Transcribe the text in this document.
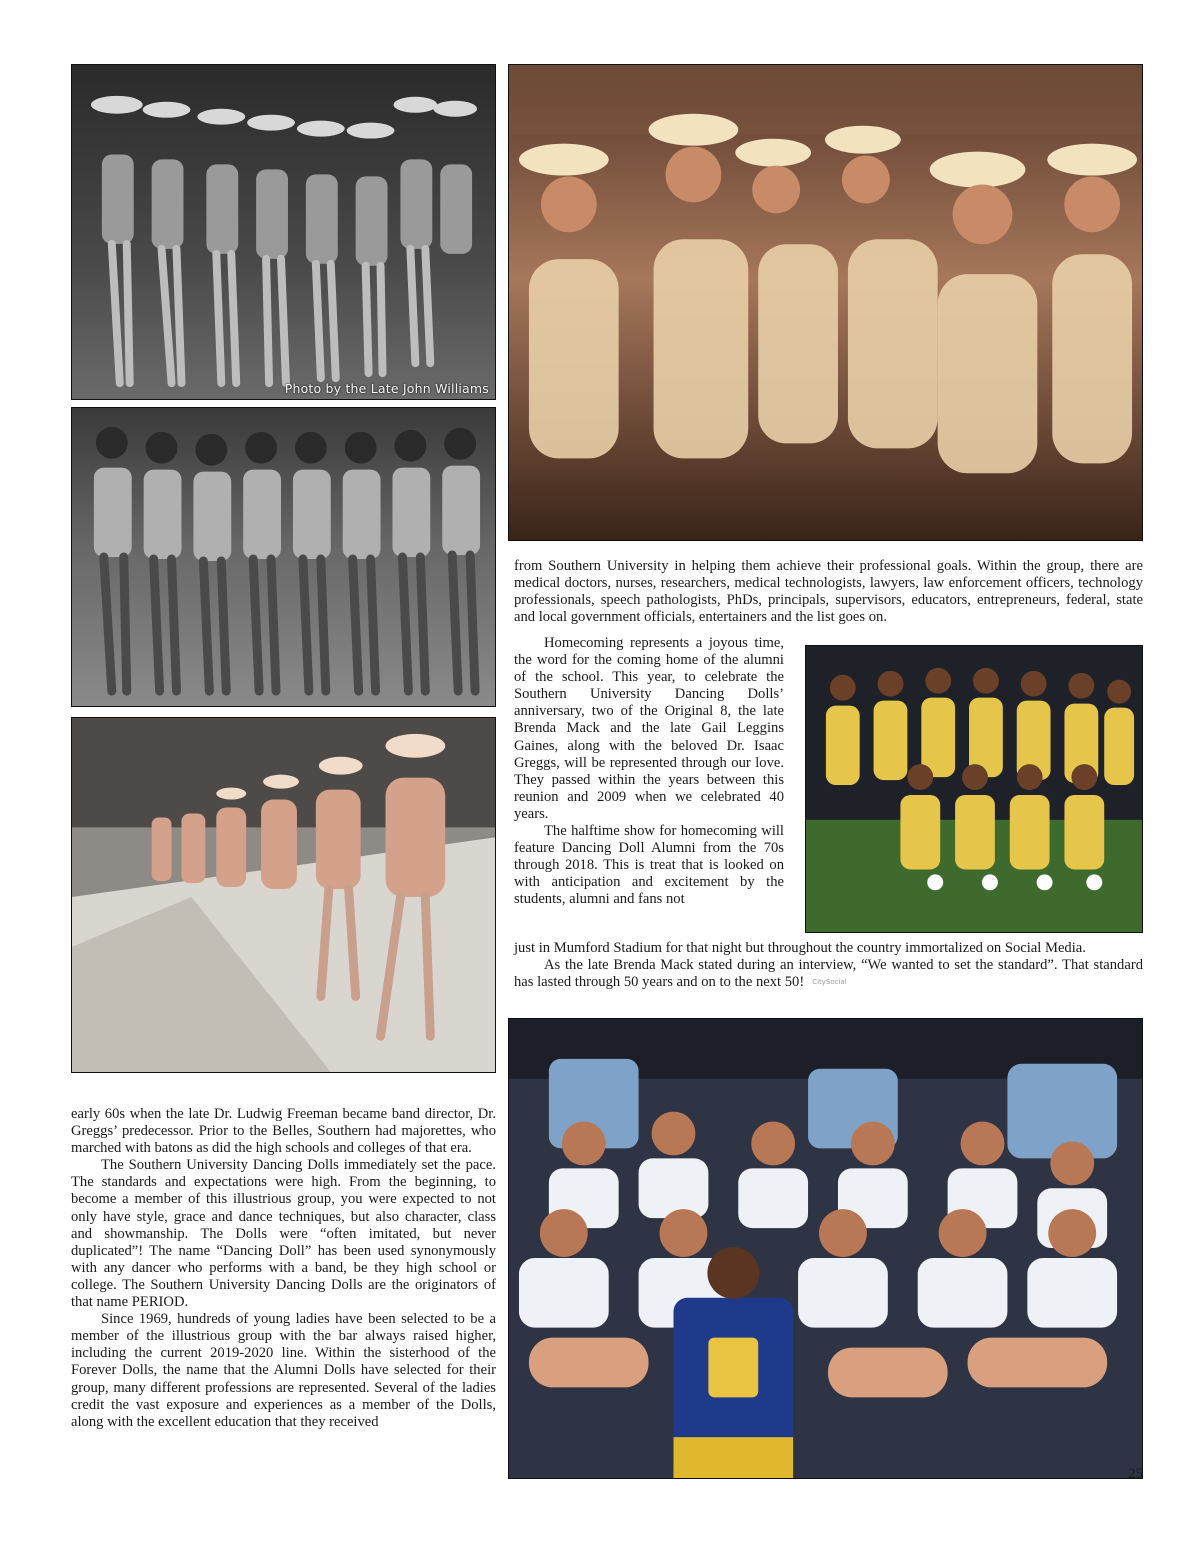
Photo by the Late John Williams

from Southern University in helping them achieve their professional goals. Within the group, there are medical doctors, nurses, researchers, medical technologists, lawyers, law enforcement officers, technology professionals, speech pathologists, PhDs, principals, supervisors, educators, entrepreneurs, federal, state and local government officials, entertainers and the list goes on.

Homecoming represents a joyous time, the word for the coming home of the alumni of the school. This year, to celebrate the Southern University Dancing Dolls’ anniversary, two of the Original 8, the late Brenda Mack and the late Gail Leggins Gaines, along with the beloved Dr. Isaac Greggs, will be represented through our love. They passed within the years between this reunion and 2009 when we celebrated 40 years.

The halftime show for homecoming will feature Dancing Doll Alumni from the 70s through 2018. This is treat that is looked on with anticipation and excitement by the students, alumni and fans not

just in Mumford Stadium for that night but throughout the country immortalized on Social Media.

As the late Brenda Mack stated during an interview, “We wanted to set the standard”. That standard has lasted through 50 years and on to the next 50! CitySocial

early 60s when the late Dr. Ludwig Freeman became band director, Dr. Greggs’ predecessor. Prior to the Belles, Southern had majorettes, who marched with batons as did the high schools and colleges of that era.

The Southern University Dancing Dolls immediately set the pace. The standards and expectations were high. From the beginning, to become a member of this illustrious group, you were expected to not only have style, grace and dance techniques, but also character, class and showmanship. The Dolls were “often imitated, but never duplicated”! The name “Dancing Doll” has been used synonymously with any dancer who performs with a band, be they high school or college. The Southern University Dancing Dolls are the originators of that name PERIOD.

Since 1969, hundreds of young ladies have been selected to be a member of the illustrious group with the bar always raised higher, including the current 2019-2020 line. Within the sisterhood of the Forever Dolls, the name that the Alumni Dolls have selected for their group, many different professions are represented. Several of the ladies credit the vast exposure and experiences as a member of the Dolls, along with the excellent education that they received

25
